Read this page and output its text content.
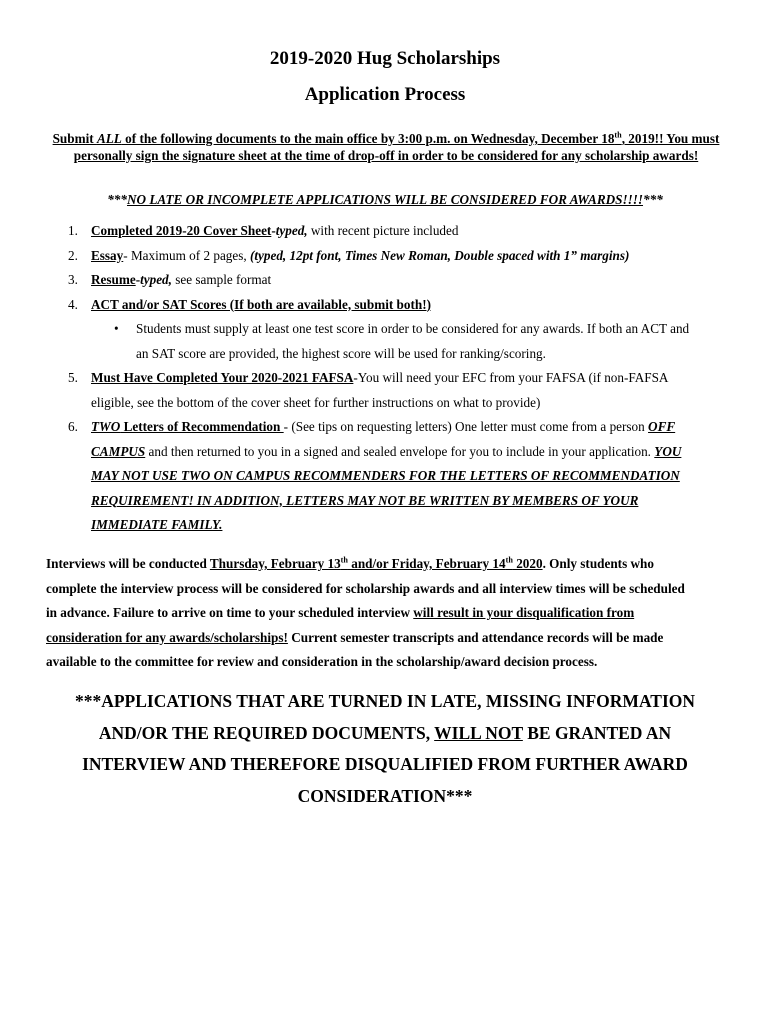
2019-2020 Hug Scholarships
Application Process
Submit ALL of the following documents to the main office by 3:00 p.m. on Wednesday, December 18th, 2019!! You must personally sign the signature sheet at the time of drop-off in order to be considered for any scholarship awards!
***NO LATE OR INCOMPLETE APPLICATIONS WILL BE CONSIDERED FOR AWARDS!!!!***
1. Completed 2019-20 Cover Sheet-typed, with recent picture included
2. Essay- Maximum of 2 pages, (typed, 12pt font, Times New Roman, Double spaced with 1” margins)
3. Resume-typed, see sample format
4. ACT and/or SAT Scores (If both are available, submit both!)
• Students must supply at least one test score in order to be considered for any awards. If both an ACT and
an SAT score are provided, the highest score will be used for ranking/scoring.
5. Must Have Completed Your 2020-2021 FAFSA-You will need your EFC from your FAFSA (if non-FAFSA
eligible, see the bottom of the cover sheet for further instructions on what to provide)
6. TWO Letters of Recommendation - (See tips on requesting letters) One letter must come from a person OFF
CAMPUS and then returned to you in a signed and sealed envelope for you to include in your application. YOU
MAY NOT USE TWO ON CAMPUS RECOMMENDERS FOR THE LETTERS OF RECOMMENDATION
REQUIREMENT! IN ADDITION, LETTERS MAY NOT BE WRITTEN BY MEMBERS OF YOUR
IMMEDIATE FAMILY.
Interviews will be conducted Thursday, February 13th and/or Friday, February 14th 2020. Only students who
complete the interview process will be considered for scholarship awards and all interview times will be scheduled
in advance. Failure to arrive on time to your scheduled interview will result in your disqualification from
consideration for any awards/scholarships! Current semester transcripts and attendance records will be made
available to the committee for review and consideration in the scholarship/award decision process.
***APPLICATIONS THAT ARE TURNED IN LATE, MISSING INFORMATION
AND/OR THE REQUIRED DOCUMENTS, WILL NOT BE GRANTED AN
INTERVIEW AND THEREFORE DISQUALIFIED FROM FURTHER AWARD
CONSIDERATION***
